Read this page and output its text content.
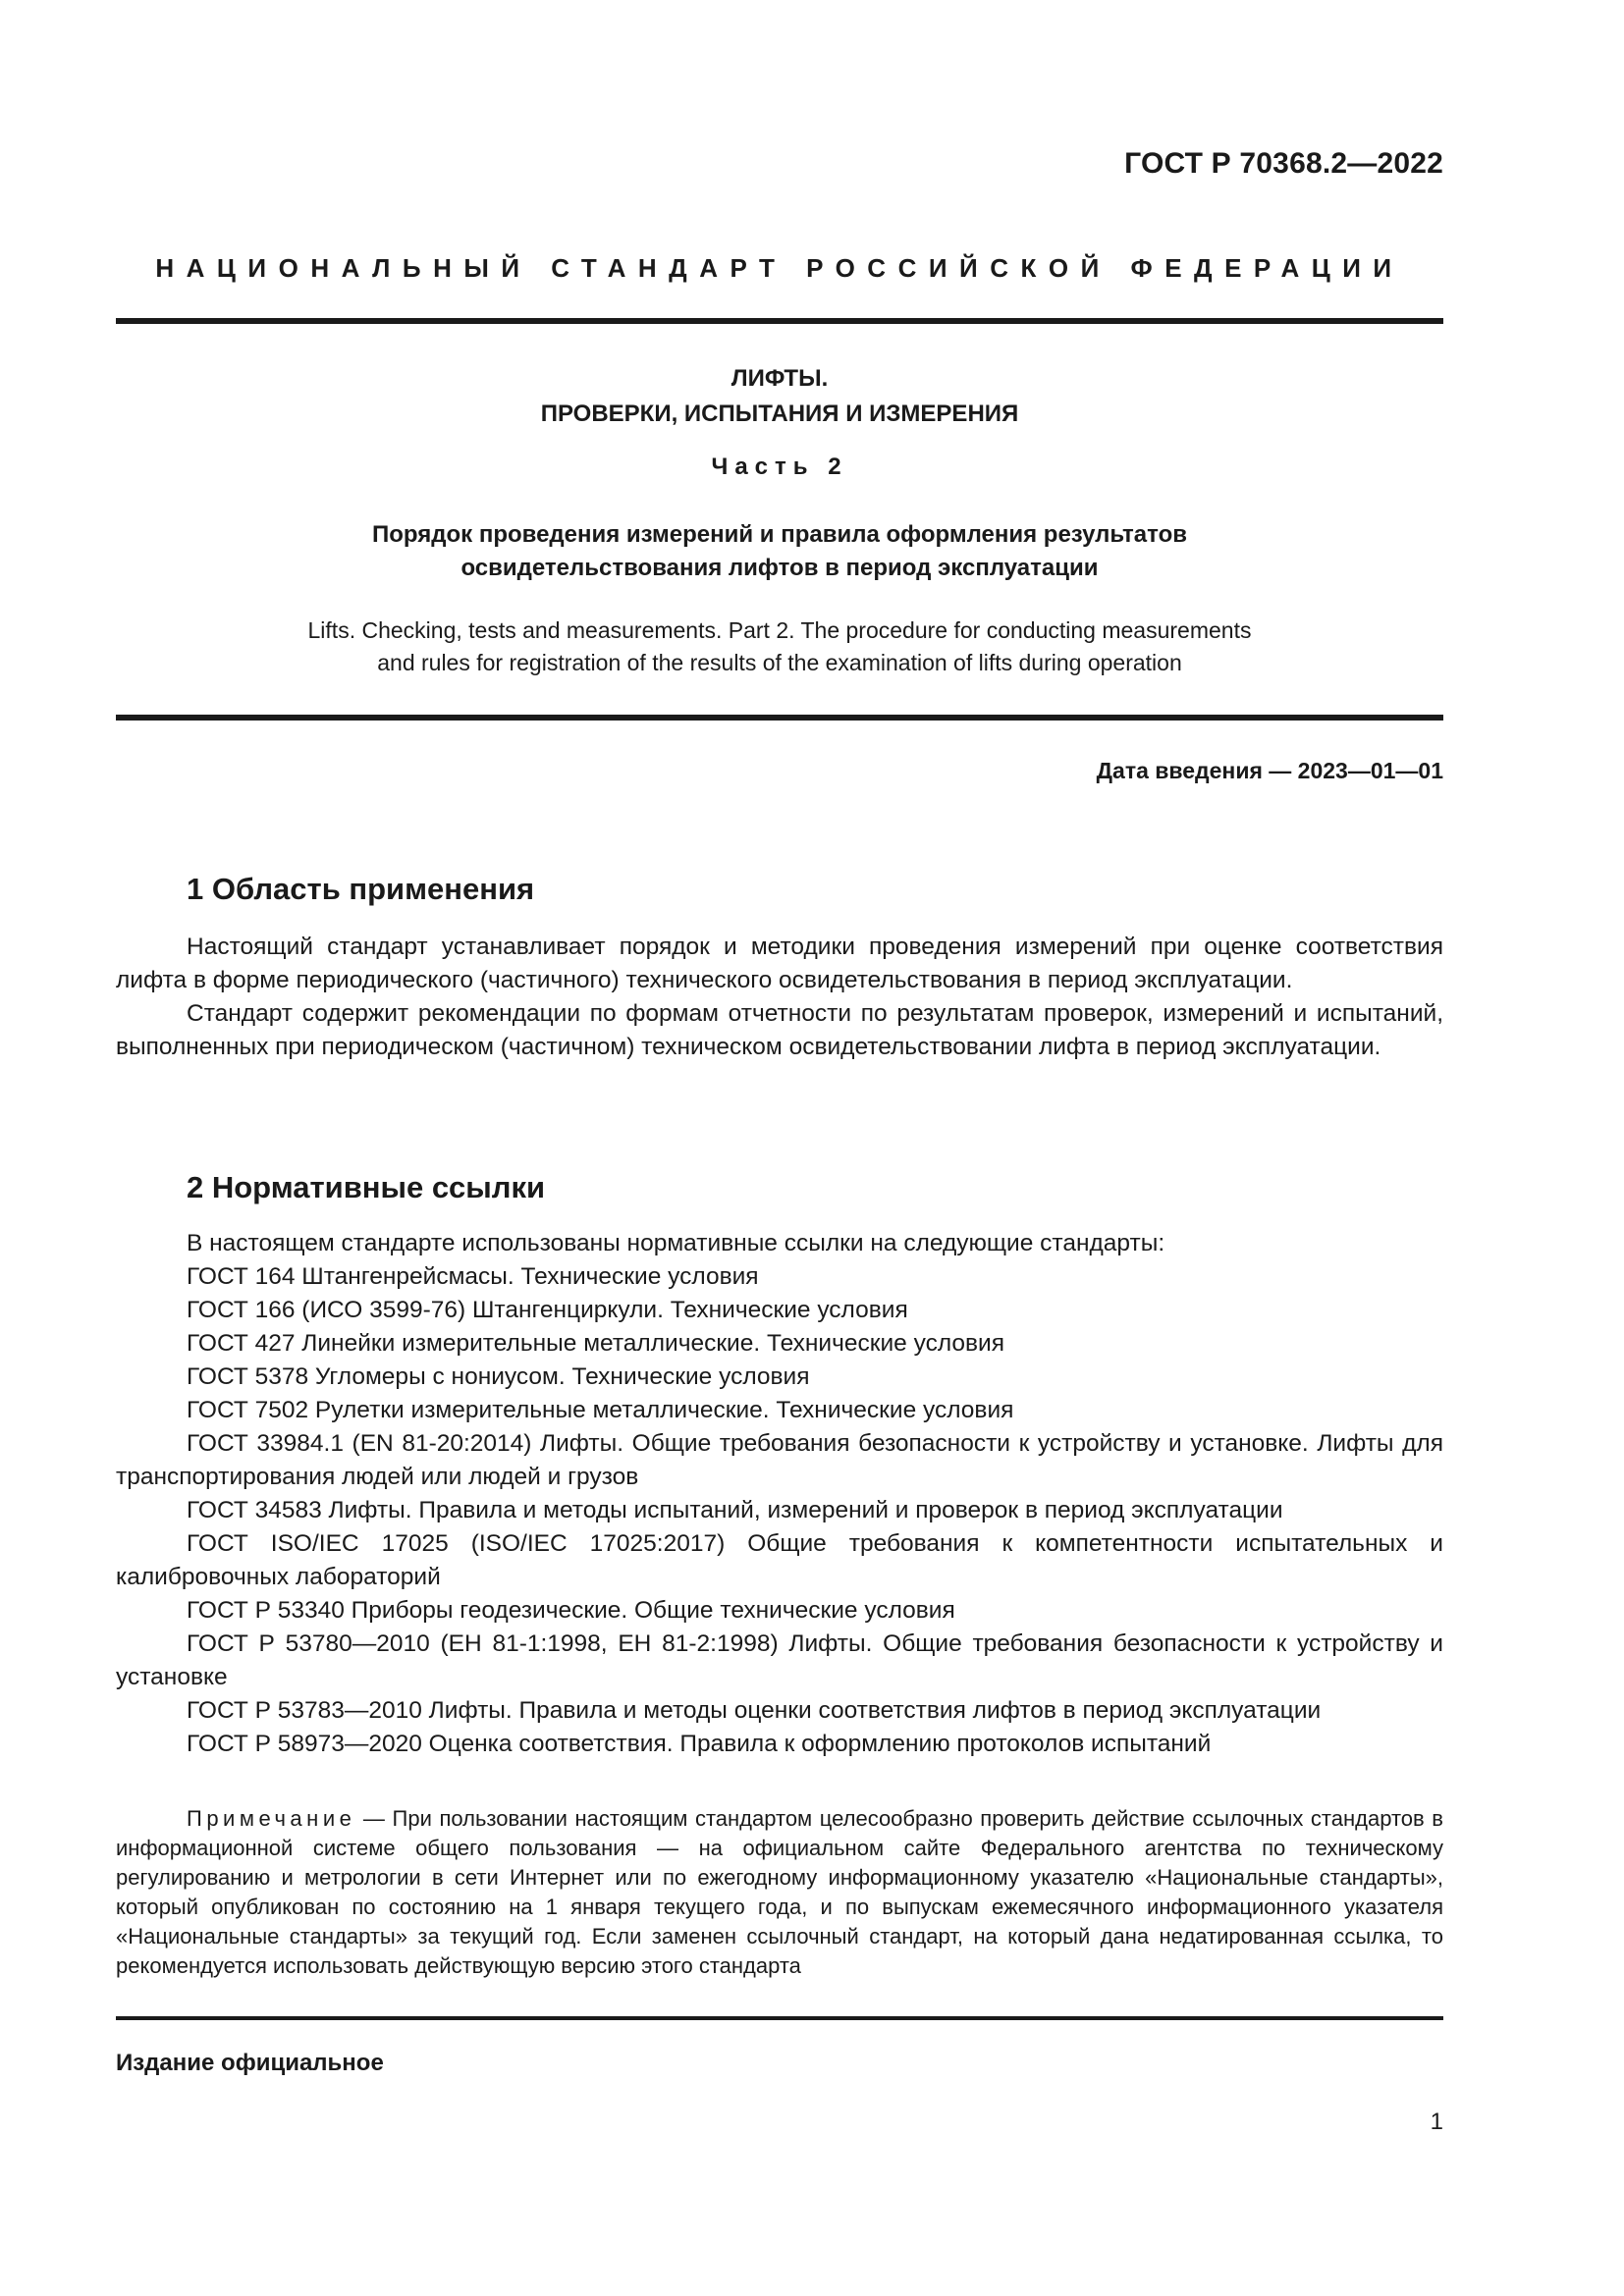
ГОСТ Р 70368.2—2022
НАЦИОНАЛЬНЫЙ СТАНДАРТ РОССИЙСКОЙ ФЕДЕРАЦИИ
ЛИФТЫ.
ПРОВЕРКИ, ИСПЫТАНИЯ И ИЗМЕРЕНИЯ
Часть 2
Порядок проведения измерений и правила оформления результатов
освидетельствования лифтов в период эксплуатации
Lifts. Checking, tests and measurements. Part 2. The procedure for conducting measurements
and rules for registration of the results of the examination of lifts during operation
Дата введения — 2023—01—01
1 Область применения

Настоящий стандарт устанавливает порядок и методики проведения измерений при оценке соответствия лифта в форме периодического (частичного) технического освидетельствования в период эксплуатации.

Стандарт содержит рекомендации по формам отчетности по результатам проверок, измерений и испытаний, выполненных при периодическом (частичном) техническом освидетельствовании лифта в период эксплуатации.

2 Нормативные ссылки

В настоящем стандарте использованы нормативные ссылки на следующие стандарты:

ГОСТ 164 Штангенрейсмасы. Технические условия

ГОСТ 166 (ИСО 3599-76) Штангенциркули. Технические условия

ГОСТ 427 Линейки измерительные металлические. Технические условия

ГОСТ 5378 Угломеры с нониусом. Технические условия

ГОСТ 7502 Рулетки измерительные металлические. Технические условия

ГОСТ 33984.1 (EN 81-20:2014) Лифты. Общие требования безопасности к устройству и установке. Лифты для транспортирования людей или людей и грузов

ГОСТ 34583 Лифты. Правила и методы испытаний, измерений и проверок в период эксплуатации

ГОСТ ISO/IEC 17025 (ISO/IEC 17025:2017) Общие требования к компетентности испытательных и калибровочных лабораторий

ГОСТ Р 53340 Приборы геодезические. Общие технические условия

ГОСТ Р 53780—2010 (ЕН 81-1:1998, ЕН 81-2:1998) Лифты. Общие требования безопасности к устройству и установке

ГОСТ Р 53783—2010 Лифты. Правила и методы оценки соответствия лифтов в период эксплуатации

ГОСТ Р 58973—2020 Оценка соответствия. Правила к оформлению протоколов испытаний

Примечание — При пользовании настоящим стандартом целесообразно проверить действие ссылочных стандартов в информационной системе общего пользования — на официальном сайте Федерального агентства по техническому регулированию и метрологии в сети Интернет или по ежегодному информационному указателю «Национальные стандарты», который опубликован по состоянию на 1 января текущего года, и по выпускам ежемесячного информационного указателя «Национальные стандарты» за текущий год. Если заменен ссылочный стандарт, на который дана недатированная ссылка, то рекомендуется использовать действующую версию этого стандарта

Издание официальное
1
